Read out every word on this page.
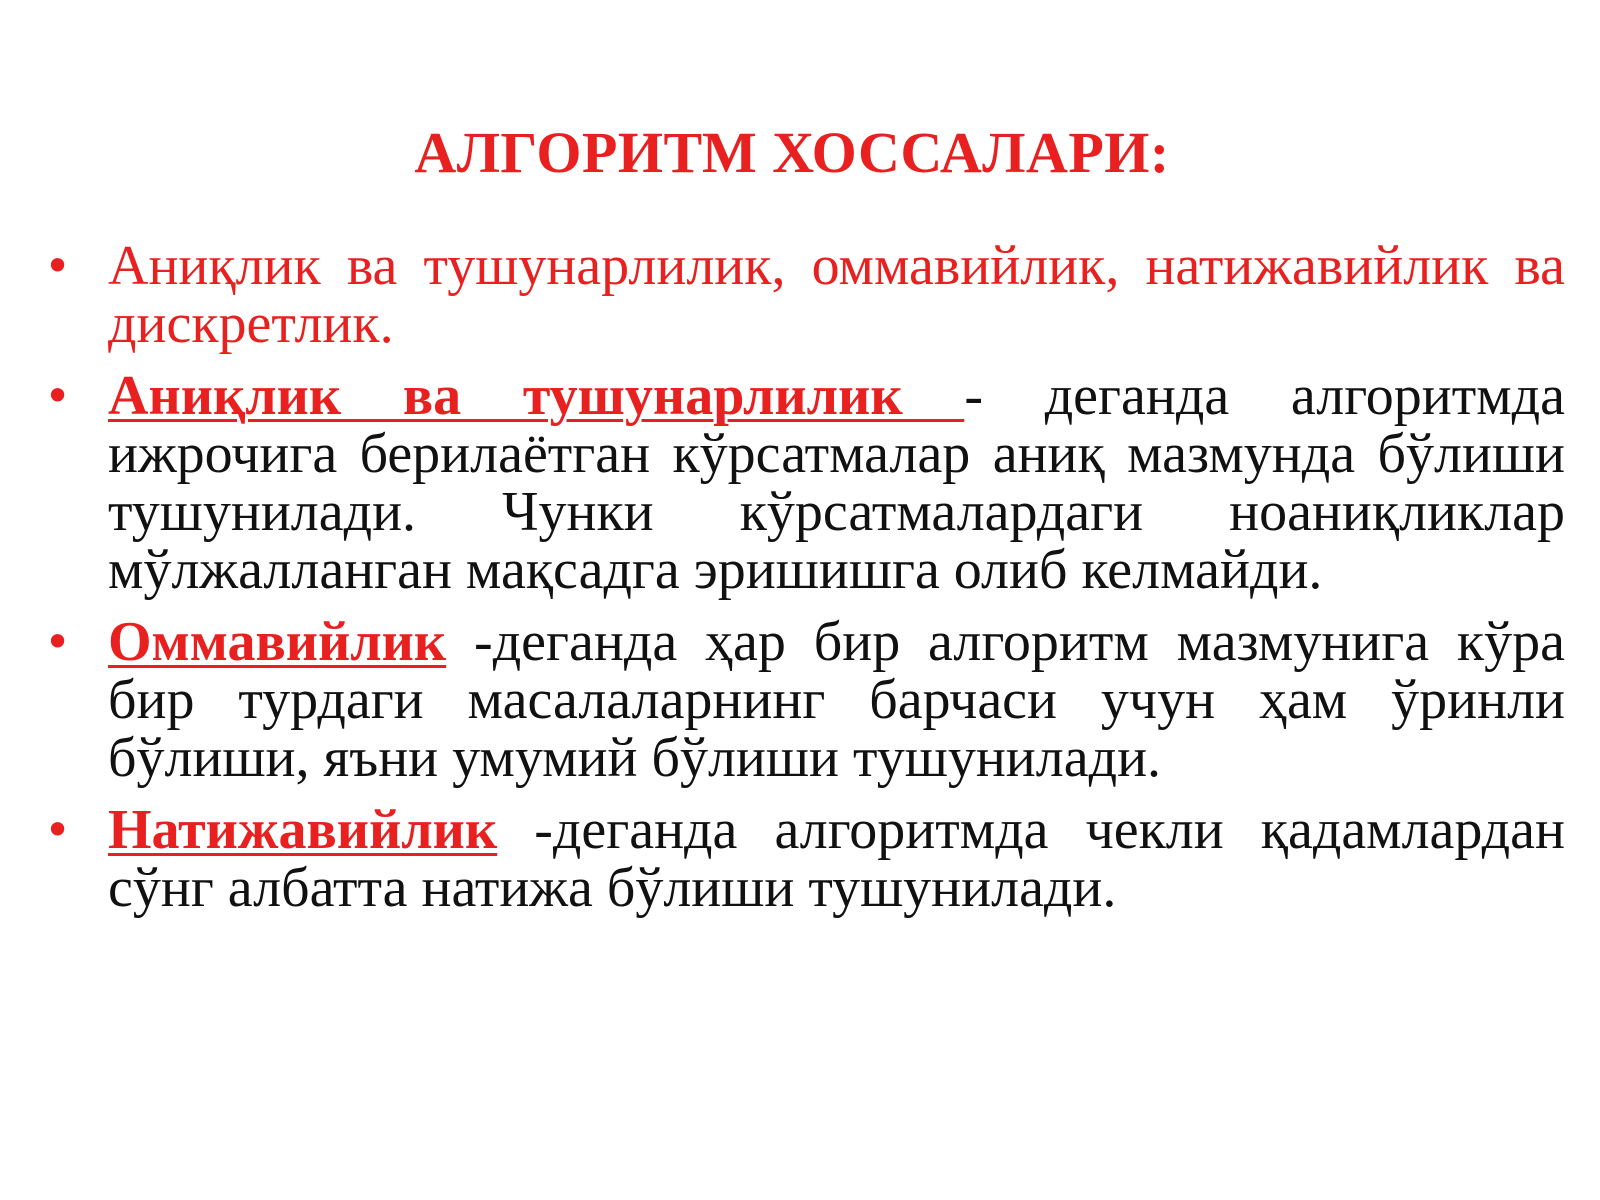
АЛГОРИТМ ХОССАЛАРИ:
• Аниқлик ва тушунарлилик, оммавийлик, натижавийлик ва дискретлик.
• Аниқлик ва тушунарлилик - деганда алгоритмда ижрочига берилаётган кўрсатмалар аниқ мазмунда бўлиши тушунилади. Чунки кўрсатмалардаги ноаниқликлар мўлжалланган мақсадга эришишга олиб келмайди.
• Оммавийлик -деганда ҳар бир алгоритм мазмунига кўра бир турдаги масалаларнинг барчаси учун ҳам ўринли бўлиши, яъни умумий бўлиши тушунилади.
• Натижавийлик -деганда алгоритмда чекли қадамлардан сўнг албатта натижа бўлиши тушунилади.
